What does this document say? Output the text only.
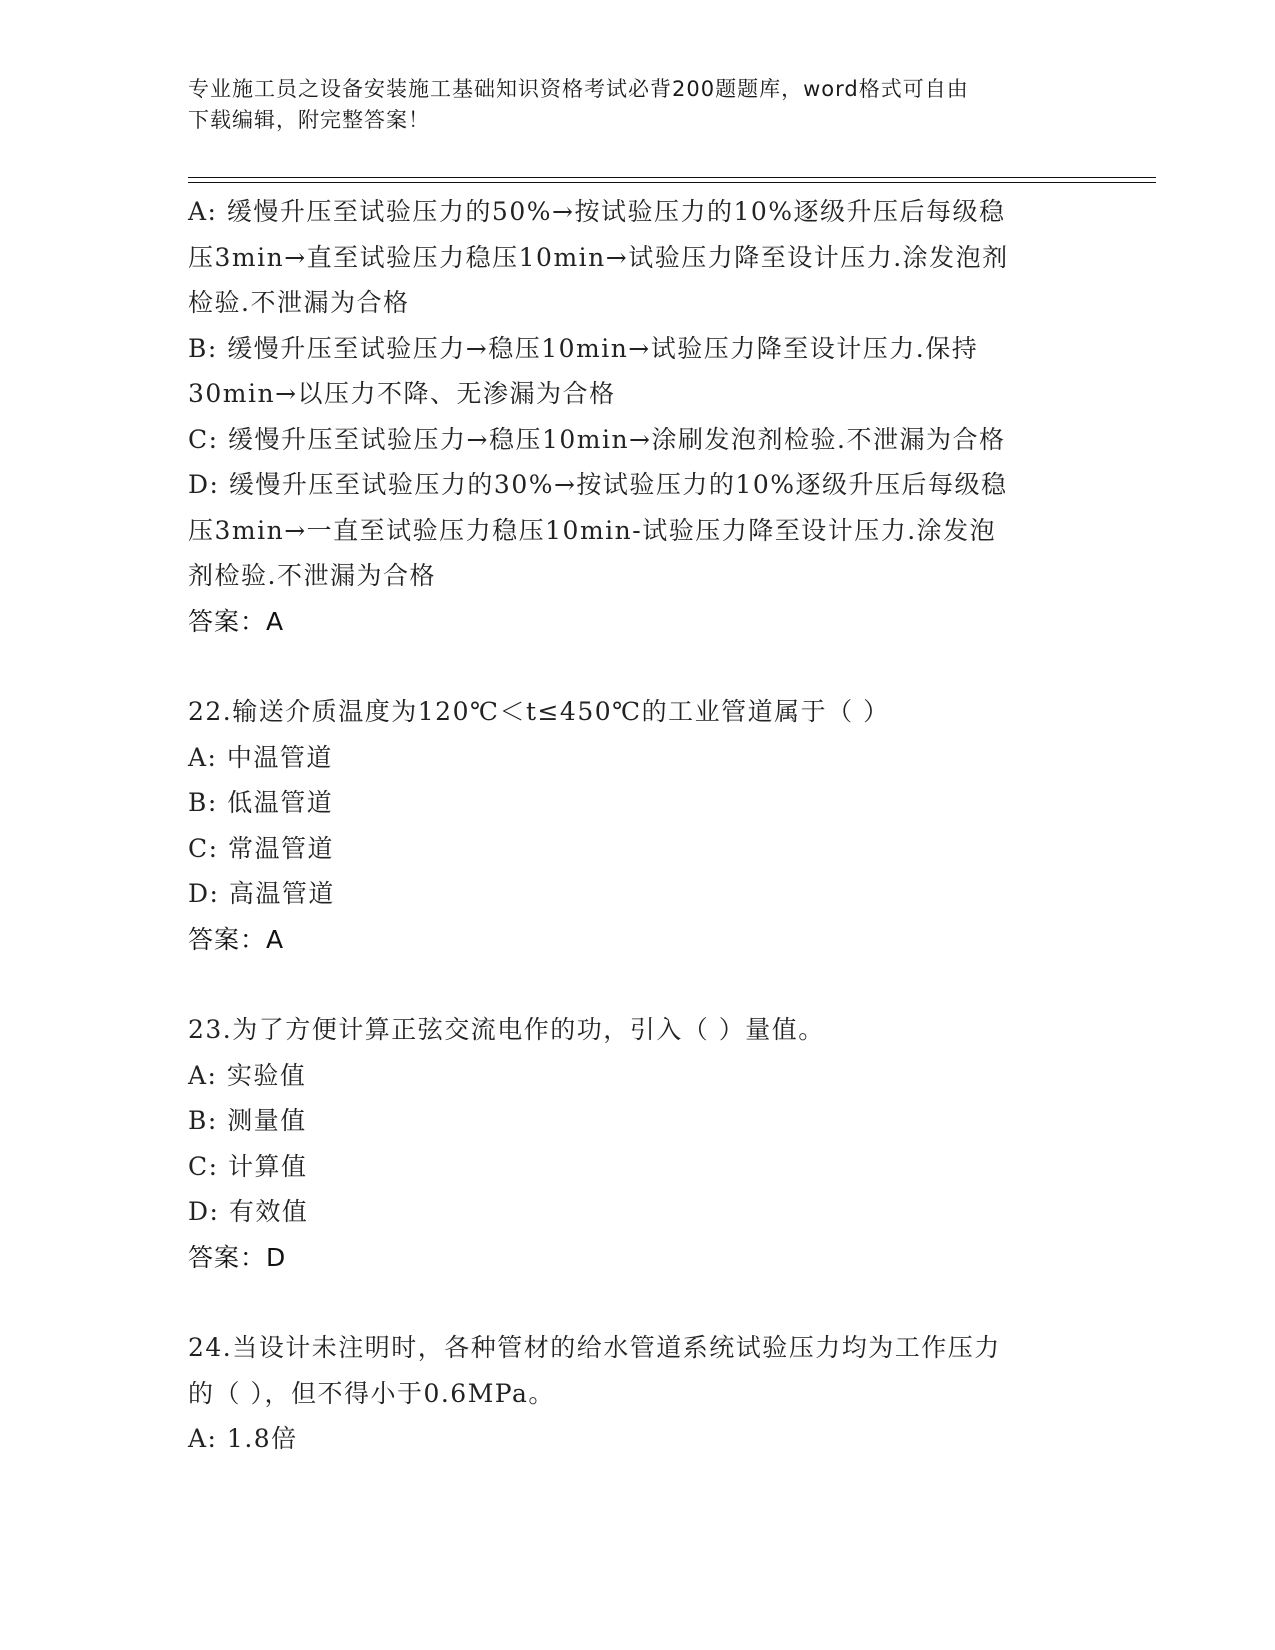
专业施工员之设备安装施工基础知识资格考试必背200题题库，word格式可自由
下载编辑，附完整答案！
A: 缓慢升压至试验压力的50%→按试验压力的10%逐级升压后每级稳
压3min→直至试验压力稳压10min→试验压力降至设计压力.涂发泡剂
检验.不泄漏为合格
B: 缓慢升压至试验压力→稳压10min→试验压力降至设计压力.保持
30min→以压力不降、无渗漏为合格
C: 缓慢升压至试验压力→稳压10min→涂刷发泡剂检验.不泄漏为合格
D: 缓慢升压至试验压力的30%→按试验压力的10%逐级升压后每级稳
压3min→一直至试验压力稳压10min-试验压力降至设计压力.涂发泡
剂检验.不泄漏为合格
答案：A
22.输送介质温度为120℃＜t≤450℃的工业管道属于（ ）
A: 中温管道
B: 低温管道
C: 常温管道
D: 高温管道
答案：A
23.为了方便计算正弦交流电作的功，引入（ ）量值。
A: 实验值
B: 测量值
C: 计算值
D: 有效值
答案：D
24.当设计未注明时，各种管材的给水管道系统试验压力均为工作压力
的（ ），但不得小于0.6MPa。
A: 1.8倍
